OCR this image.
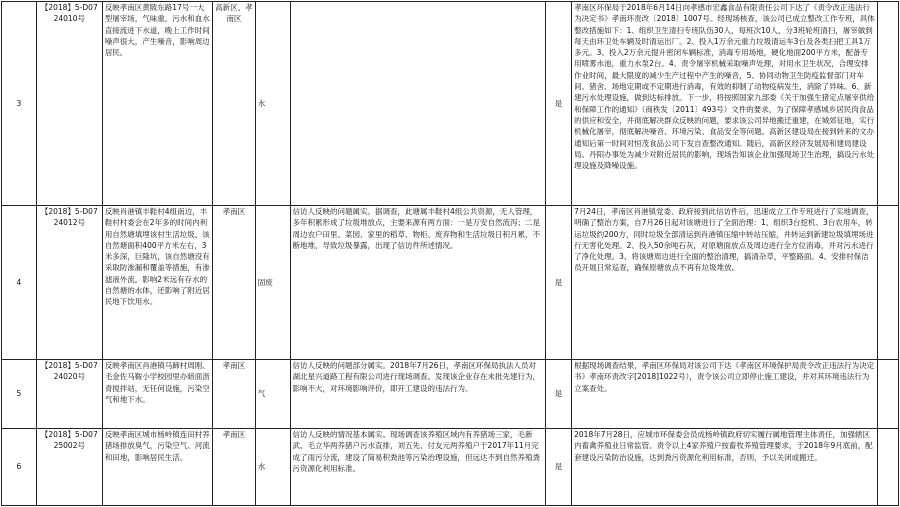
3	【2018】5-D0724010号	反映孝南区黄陂东路17号一大型屠宰场，气味重，污水和血水直接流进下水道，晚上工作时间噪声很大，产生噪音，影响周边居民。	高新区、孝南区	水		是	孝南区环保局于2018年6月14日向孝感市宏鑫食品有限责任公司下达了《责令改正违法行为决定书》孝南环责改〔2018〕1007号。经现场核查，该公司已成立整改工作专班，具体整改措施如下：1、组织卫生清扫专班队伍30人，每班次10人，分3班轮班清扫，屠宰做到每天由环卫处车辆及时清运出厂。2、投入1万余元重力垃圾清运车3台及各类扫把工具1万多元。3、投入2万余元提升密闭车辆标准，消毒专用场地，硬化地面200平方米，配备专用喷雾水池，重力水泵2台。4、责令屠宰机械采取噪声处理，对用水卫生状况，合理安排作业时间，最大限度的减少生产过程中产生的噪音，5、协同动物卫生防疫监督部门对车间、猪舍、场地定期或不定期进行消毒，有效的抑制了动物疫病发生，消除了异味。6、新建污水处理设施，做到达标排放。下一步，将按照国家九部委《关于加强生猪定点屠宰供给和保障工作的通知》（商秩发〔2011〕493号）文件的要求，为了保障孝感城乡居民肉食品的供应和安全，并彻底解决群众反映的问题，要求该公司异地搬迁重建，在城郊征地，实行机械化屠宰，彻底解决噪音、环境污染、食品安全等问题。高新区建设局在接到转来的文办通知后第一时间对恒茂食品公司下发自查整改通知。随后，高新区经济发展局和建局建设局、丹阳办事处为减少对附近居民的影响，现场告知该企业加强现场卫生治理，搞设污水处理设施及降噪设施。	

4	【2018】5-D0724012号	反映肖港镇丰鞋村4组南边，丰鞋村村委会在2年多的时间内利用自然塘填埋该村生活垃圾，该自然塘面积400平方米左右，3米多深，巨隆坑，该自然塘没有采取防渗漏和覆盖等措施，有渗滤液外流，影响2米远有存水的自然塘的水体，还影响了附近居民地下饮用水。	孝南区	固废	信访人反映的问题属实。据调查，此塘属丰鞋村4组公共资源，无人管理，多年积累形成了垃圾堆放点，主要来源有两方面：一是万安自然流泻；二是周边农户田里、菜园、家里的稻草、物柜、废弃物和生活垃圾日积月累，不断地堆，导致垃圾暴露，出现了信访件所述情况。	是	7月24日，孝南区肖港镇党委、政府接到此信访件后，迅速成立工作专班进行了实地调查，明确了整治方案，自7月26日起对该塘进行了全面治理：1、组织3台挖机、3台农用车，转运垃圾约200方，同时垃圾全部清运到肖港镇压缩中转站压缩，并转运到新建垃圾填埋场进行无害化处理。2、投入50余吨石灰，对原塘面放点及周边进行全方位消毒，并对污水进行了净化处理。3、将该塘周边进行全面的整治清理，搞清杂草，平整路面。4、安排村保洁员开展日常巡查，确保原塘放点不再有垃圾堆放。	

5	【2018】5-D0724020号	反映孝南区肖港镇马蹄村周刚、毛金佐马鞍小学校园里办暗面沥青搅拌站，无任何设施，污染空气和地下水。	孝南区	气	信访人反映的问题部分属实。2018年7月26日，孝南区环保局执法人员对湖北星兴道路工程有限公司进行现场调查。发现该企业存在未批先建行为，影响不大，对环境影响评价，即开工建设的违法行为。	是	根据现场调查结果，孝南区环保局对该公司下达《孝南区环境保护局责令改正违法行为决定书》孝南环责改字[2018]1022号），责令该公司立即停止施工建设，并对其环境违法行为立案查处。	

6	【2018】5-D0725002号	反映孝南区城市杨岭镇连田村养猪场排放臭气，污染空气、河流和田地，影响居民生活。	孝南区	水	信访人反映的情况基本属实。现场调查该养殖区域内有养猪场三家，毛新武、毛立华两养猪户污水直排，刘五先、付友元两养殖户于2017年11月完成了雨污分流，建设了简易积粪池等污染治理设施，但远达不到自然养殖粪污资源化利用标准。	是	2018年7月28日，应城市环保委会员成杨岭镇政府切实履行属地管理主体责任，加强辖区内畜禽养殖业日常监管。责令以上4家养殖户按畜牧养殖管理要求，于2018年9月底前，配套建设污染防治设施，达到粪污资源化利用标准，否则，予以关闭或搬迁。	
